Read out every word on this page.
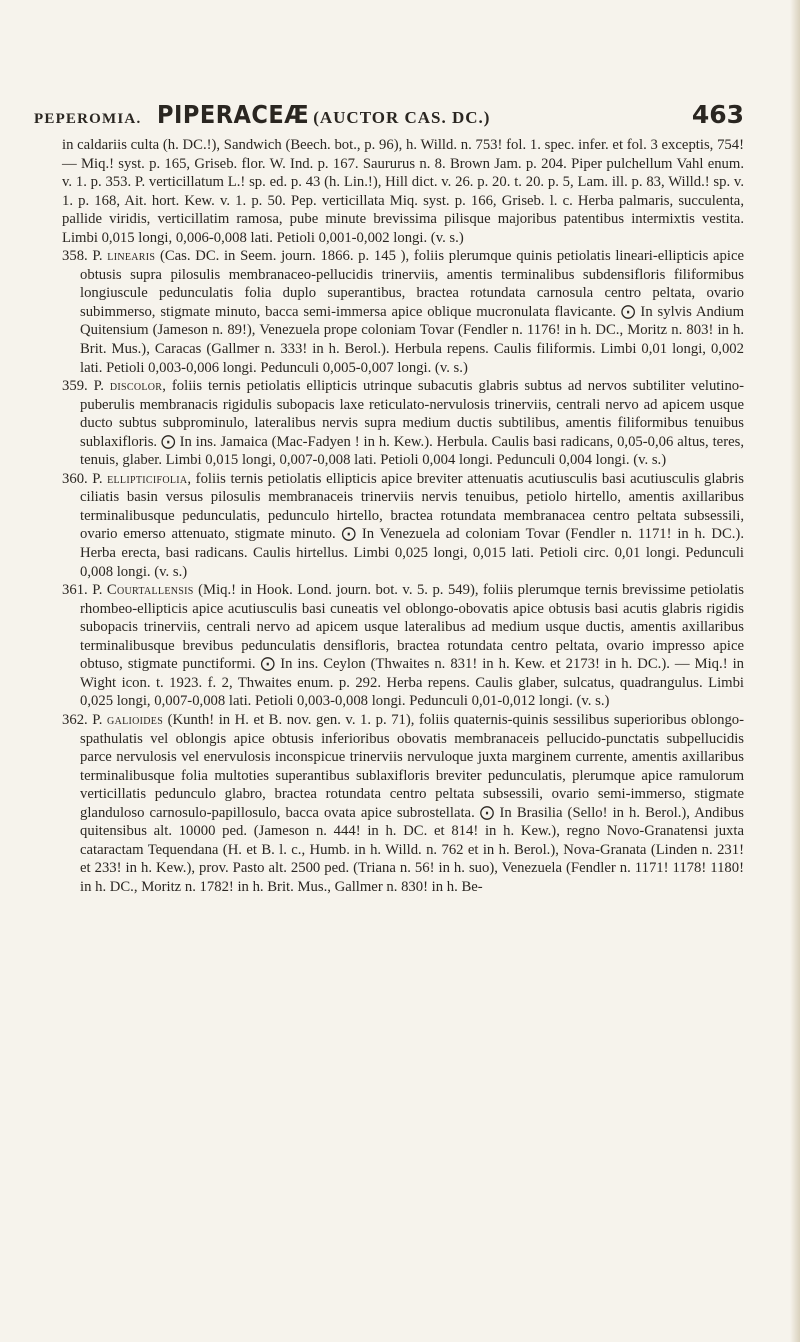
PEPEROMIA. PIPERACEÆ (AUCTOR CAS. DC.)	463

in caldariis culta (h. DC.!), Sandwich (Beech. bot., p. 96), h. Willd. n. 753! fol. 1. spec. infer. et fol. 3 exceptis, 754! — Miq.! syst. p. 165, Griseb. flor. W. Ind. p. 167. Saururus n. 8. Brown Jam. p. 204. Piper pulchellum Vahl enum. v. 1. p. 353. P. verticillatum L.! sp. ed. p. 43 (h. Lin.!), Hill dict. v. 26. p. 20. t. 20. p. 5, Lam. ill. p. 83, Willd.! sp. v. 1. p. 168, Ait. hort. Kew. v. 1. p. 50. Pep. verticillata Miq. syst. p. 166, Griseb. l. c. Herba palmaris, succulenta, pallide viridis, verticillatim ramosa, pube minute brevissima pilisque majoribus patentibus intermixtis vestita. Limbi 0,015 longi, 0,006-0,008 lati. Petioli 0,001-0,002 longi. (v. s.)

358. P. linearis (Cas. DC. in Seem. journ. 1866. p. 145 ), foliis plerumque quinis petiolatis lineari-ellipticis apice obtusis supra pilosulis membranaceo-pellucidis trinerviis, amentis terminalibus subdensifloris filiformibus longiuscule pedunculatis folia duplo superantibus, bractea rotundata carnosula centro peltata, ovario subimmerso, stigmate minuto, bacca semi-immersa apice oblique mucronulata flavicante. ⨀ In sylvis Andium Quitensium (Jameson n. 89!), Venezuela prope coloniam Tovar (Fendler n. 1176! in h. DC., Moritz n. 803! in h. Brit. Mus.), Caracas (Gallmer n. 333! in h. Berol.). Herbula repens. Caulis filiformis. Limbi 0,01 longi, 0,002 lati. Petioli 0,003-0,006 longi. Pedunculi 0,005-0,007 longi. (v. s.)

359. P. discolor, foliis ternis petiolatis ellipticis utrinque subacutis glabris subtus ad nervos subtiliter velutino-puberulis membranacis rigidulis subopacis laxe reticulato-nervulosis trinerviis, centrali nervo ad apicem usque ducto subtus subprominulo, lateralibus nervis supra medium ductis subtilibus, amentis filiformibus tenuibus sublaxifloris. ⨀ In ins. Jamaica (Mac-Fadyen ! in h. Kew.). Herbula. Caulis basi radicans, 0,05-0,06 altus, teres, tenuis, glaber. Limbi 0,015 longi, 0,007-0,008 lati. Petioli 0,004 longi. Pedunculi 0,004 longi. (v. s.)

360. P. ellipticifolia, foliis ternis petiolatis ellipticis apice breviter attenuatis acutiusculis basi acutiusculis glabris ciliatis basin versus pilosulis membranaceis trinerviis nervis tenuibus, petiolo hirtello, amentis axillaribus terminalibusque pedunculatis, pedunculo hirtello, bractea rotundata membranacea centro peltata subsessili, ovario emerso attenuato, stigmate minuto. ⨀ In Venezuela ad coloniam Tovar (Fendler n. 1171! in h. DC.). Herba erecta, basi radicans. Caulis hirtellus. Limbi 0,025 longi, 0,015 lati. Petioli circ. 0,01 longi. Pedunculi 0,008 longi. (v. s.)

361. P. Courtallensis (Miq.! in Hook. Lond. journ. bot. v. 5. p. 549), foliis plerumque ternis brevissime petiolatis rhombeo-ellipticis apice acutiusculis basi cuneatis vel oblongo-obovatis apice obtusis basi acutis glabris rigidis subopacis trinerviis, centrali nervo ad apicem usque lateralibus ad medium usque ductis, amentis axillaribus terminalibusque brevibus pedunculatis densifloris, bractea rotundata centro peltata, ovario impresso apice obtuso, stigmate punctiformi. ⨀ In ins. Ceylon (Thwaites n. 831! in h. Kew. et 2173! in h. DC.). — Miq.! in Wight icon. t. 1923. f. 2, Thwaites enum. p. 292. Herba repens. Caulis glaber, sulcatus, quadrangulus. Limbi 0,025 longi, 0,007-0,008 lati. Petioli 0,003-0,008 longi. Pedunculi 0,01-0,012 longi. (v. s.)

362. P. galioides (Kunth! in H. et B. nov. gen. v. 1. p. 71), foliis quaternis-quinis sessilibus superioribus oblongo-spathulatis vel oblongis apice obtusis inferioribus obovatis membranaceis pellucido-punctatis subpellucidis parce nervulosis vel enervulosis inconspicue trinerviis nervuloque juxta marginem currente, amentis axillaribus terminalibusque folia multoties superantibus sublaxifloris breviter pedunculatis, plerumque apice ramulorum verticillatis pedunculo glabro, bractea rotundata centro peltata subsessili, ovario semi-immerso, stigmate glanduloso carnosulo-papillosulo, bacca ovata apice subrostellata. ⨀ In Brasilia (Sello! in h. Berol.), Andibus quitensibus alt. 10000 ped. (Jameson n. 444! in h. DC. et 814! in h. Kew.), regno Novo-Granatensi juxta cataractam Tequendana (H. et B. l. c., Humb. in h. Willd. n. 762 et in h. Berol.), Nova-Granata (Linden n. 231! et 233! in h. Kew.), prov. Pasto alt. 2500 ped. (Triana n. 56! in h. suo), Venezuela (Fendler n. 1171! 1178! 1180! in h. DC., Moritz n. 1782! in h. Brit. Mus., Gallmer n. 830! in h. Be-
